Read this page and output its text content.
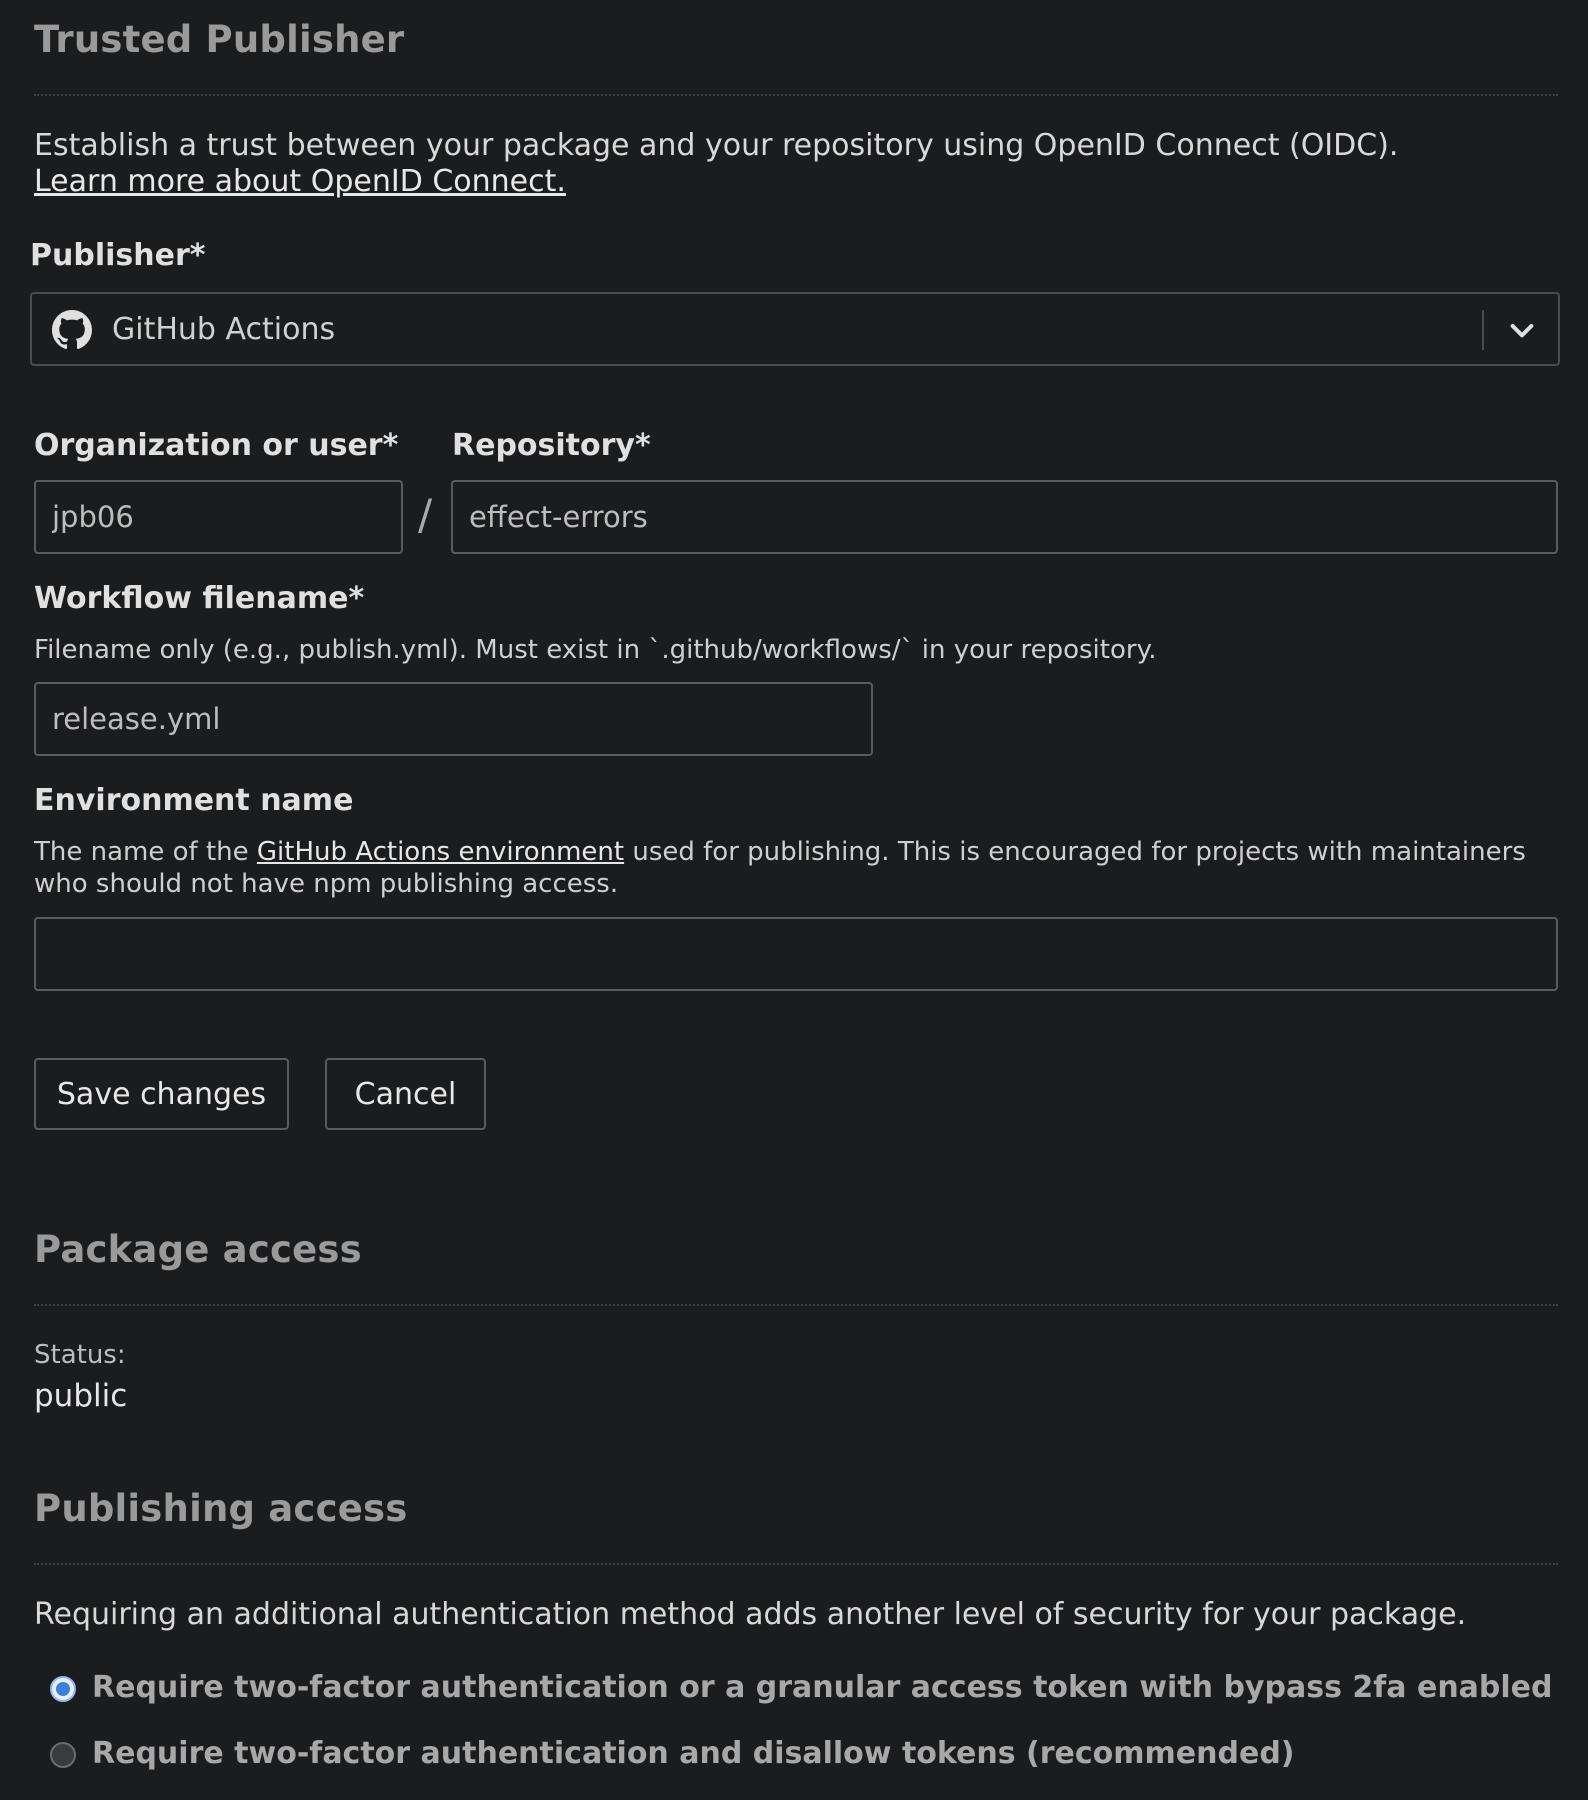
Trusted Publisher
Establish a trust between your package and your repository using OpenID Connect (OIDC).
Learn more about OpenID Connect.
Publisher*
GitHub Actions
Organization or user* Repository*
jpb06
/
effect-errors
Workflow filename*
Filename only (e.g., publish.yml). Must exist in `.github/workflows/` in your repository.
release.yml
Environment name
The name of the GitHub Actions environment used for publishing. This is encouraged for projects with maintainers who should not have npm publishing access.
Save changes	Cancel
Package access
Status:
public
Publishing access
Requiring an additional authentication method adds another level of security for your package.
Require two-factor authentication or a granular access token with bypass 2fa enabled
Require two-factor authentication and disallow tokens (recommended)
